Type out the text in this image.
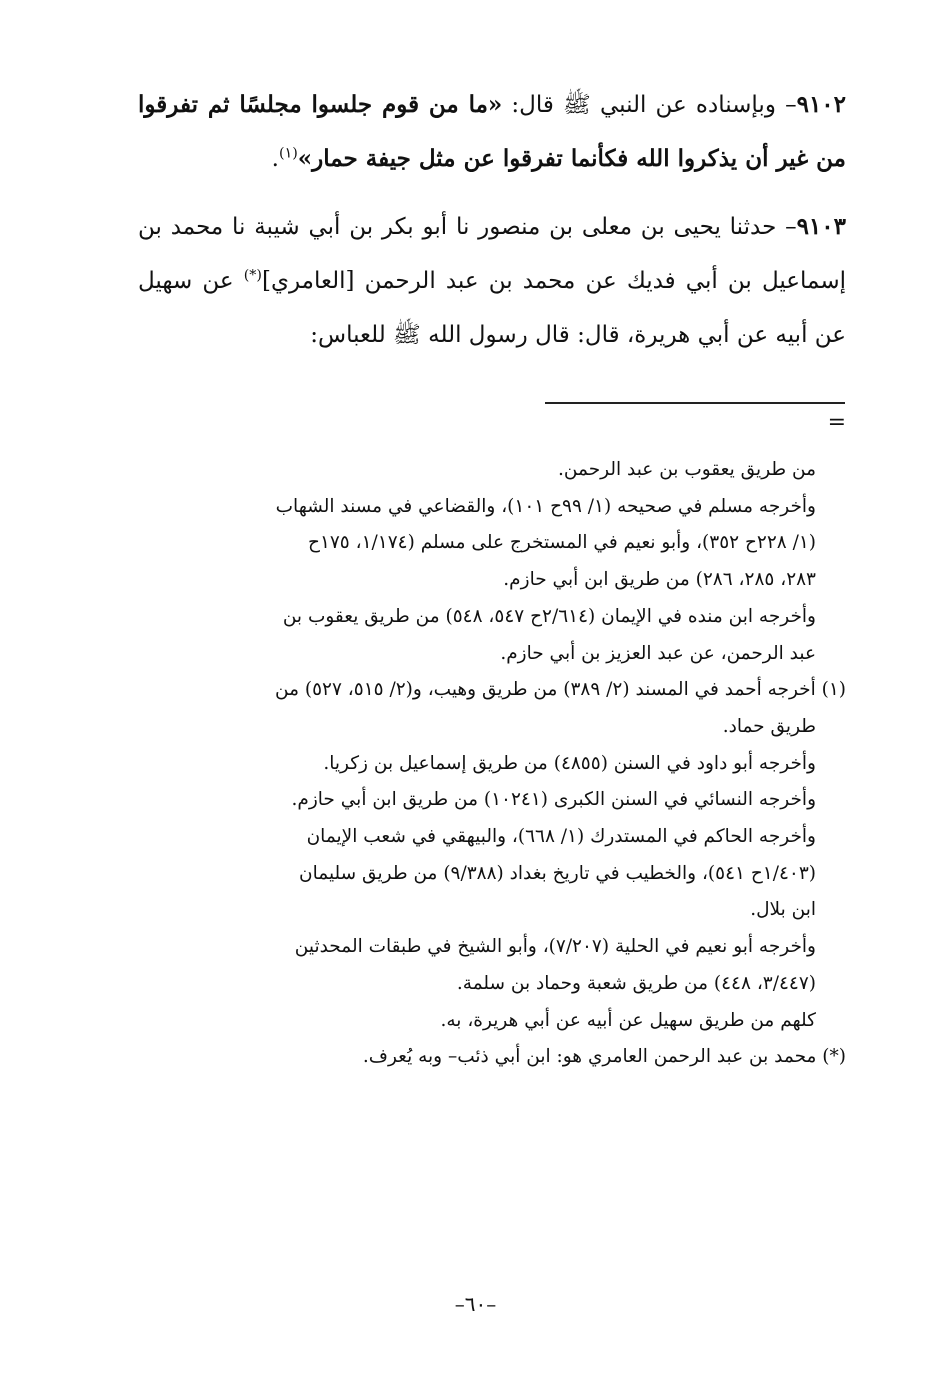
٩١٠٢– وبإسناده عن النبي ﷺ قال: «ما من قوم جلسوا مجلسًا ثم تفرقوا من غير أن يذكروا الله فكأنما تفرقوا عن مثل جيفة حمار»$^{(١)}$.

٩١٠٣– حدثنا يحيى بن معلى بن منصور نا أبو بكر بن أبي شيبة نا محمد بن إسماعيل بن أبي فديك عن محمد بن عبد الرحمن [العامري](*) عن سهيل عن أبيه عن أبي هريرة، قال: قال رسول الله ﷺ للعباس:

=
من طريق يعقوب بن عبد الرحمن.
وأخرجه مسلم في صحيحه (١/ ٩٩ح ١٠١)، والقضاعي في مسند الشهاب
(١/ ٢٢٨ح ٣٥٢)، وأبو نعيم في المستخرج على مسلم (١/١٧٤، ١٧٥ح
٢٨٣، ٢٨٥، ٢٨٦) من طريق ابن أبي حازم.
وأخرجه ابن منده في الإيمان (٢/٦١٤ح ٥٤٧، ٥٤٨) من طريق يعقوب بن
عبد الرحمن، عن عبد العزيز بن أبي حازم.
(١) أخرجه أحمد في المسند (٢/ ٣٨٩) من طريق وهيب، و(٢/ ٥١٥، ٥٢٧) من
طريق حماد.
وأخرجه أبو داود في السنن (٤٨٥٥) من طريق إسماعيل بن زكريا.
وأخرجه النسائي في السنن الكبرى (١٠٢٤١) من طريق ابن أبي حازم.
وأخرجه الحاكم في المستدرك (١/ ٦٦٨)، والبيهقي في شعب الإيمان
(١/٤٠٣ح ٥٤١)، والخطيب في تاريخ بغداد (٩/٣٨٨) من طريق سليمان
ابن بلال.
وأخرجه أبو نعيم في الحلية (٧/٢٠٧)، وأبو الشيخ في طبقات المحدثين
(٣/٤٤٧، ٤٤٨) من طريق شعبة وحماد بن سلمة.
كلهم من طريق سهيل عن أبيه عن أبي هريرة، به.
(*) محمد بن عبد الرحمن العامري هو: ابن أبي ذئب– وبه يُعرف.
–٦٠–
